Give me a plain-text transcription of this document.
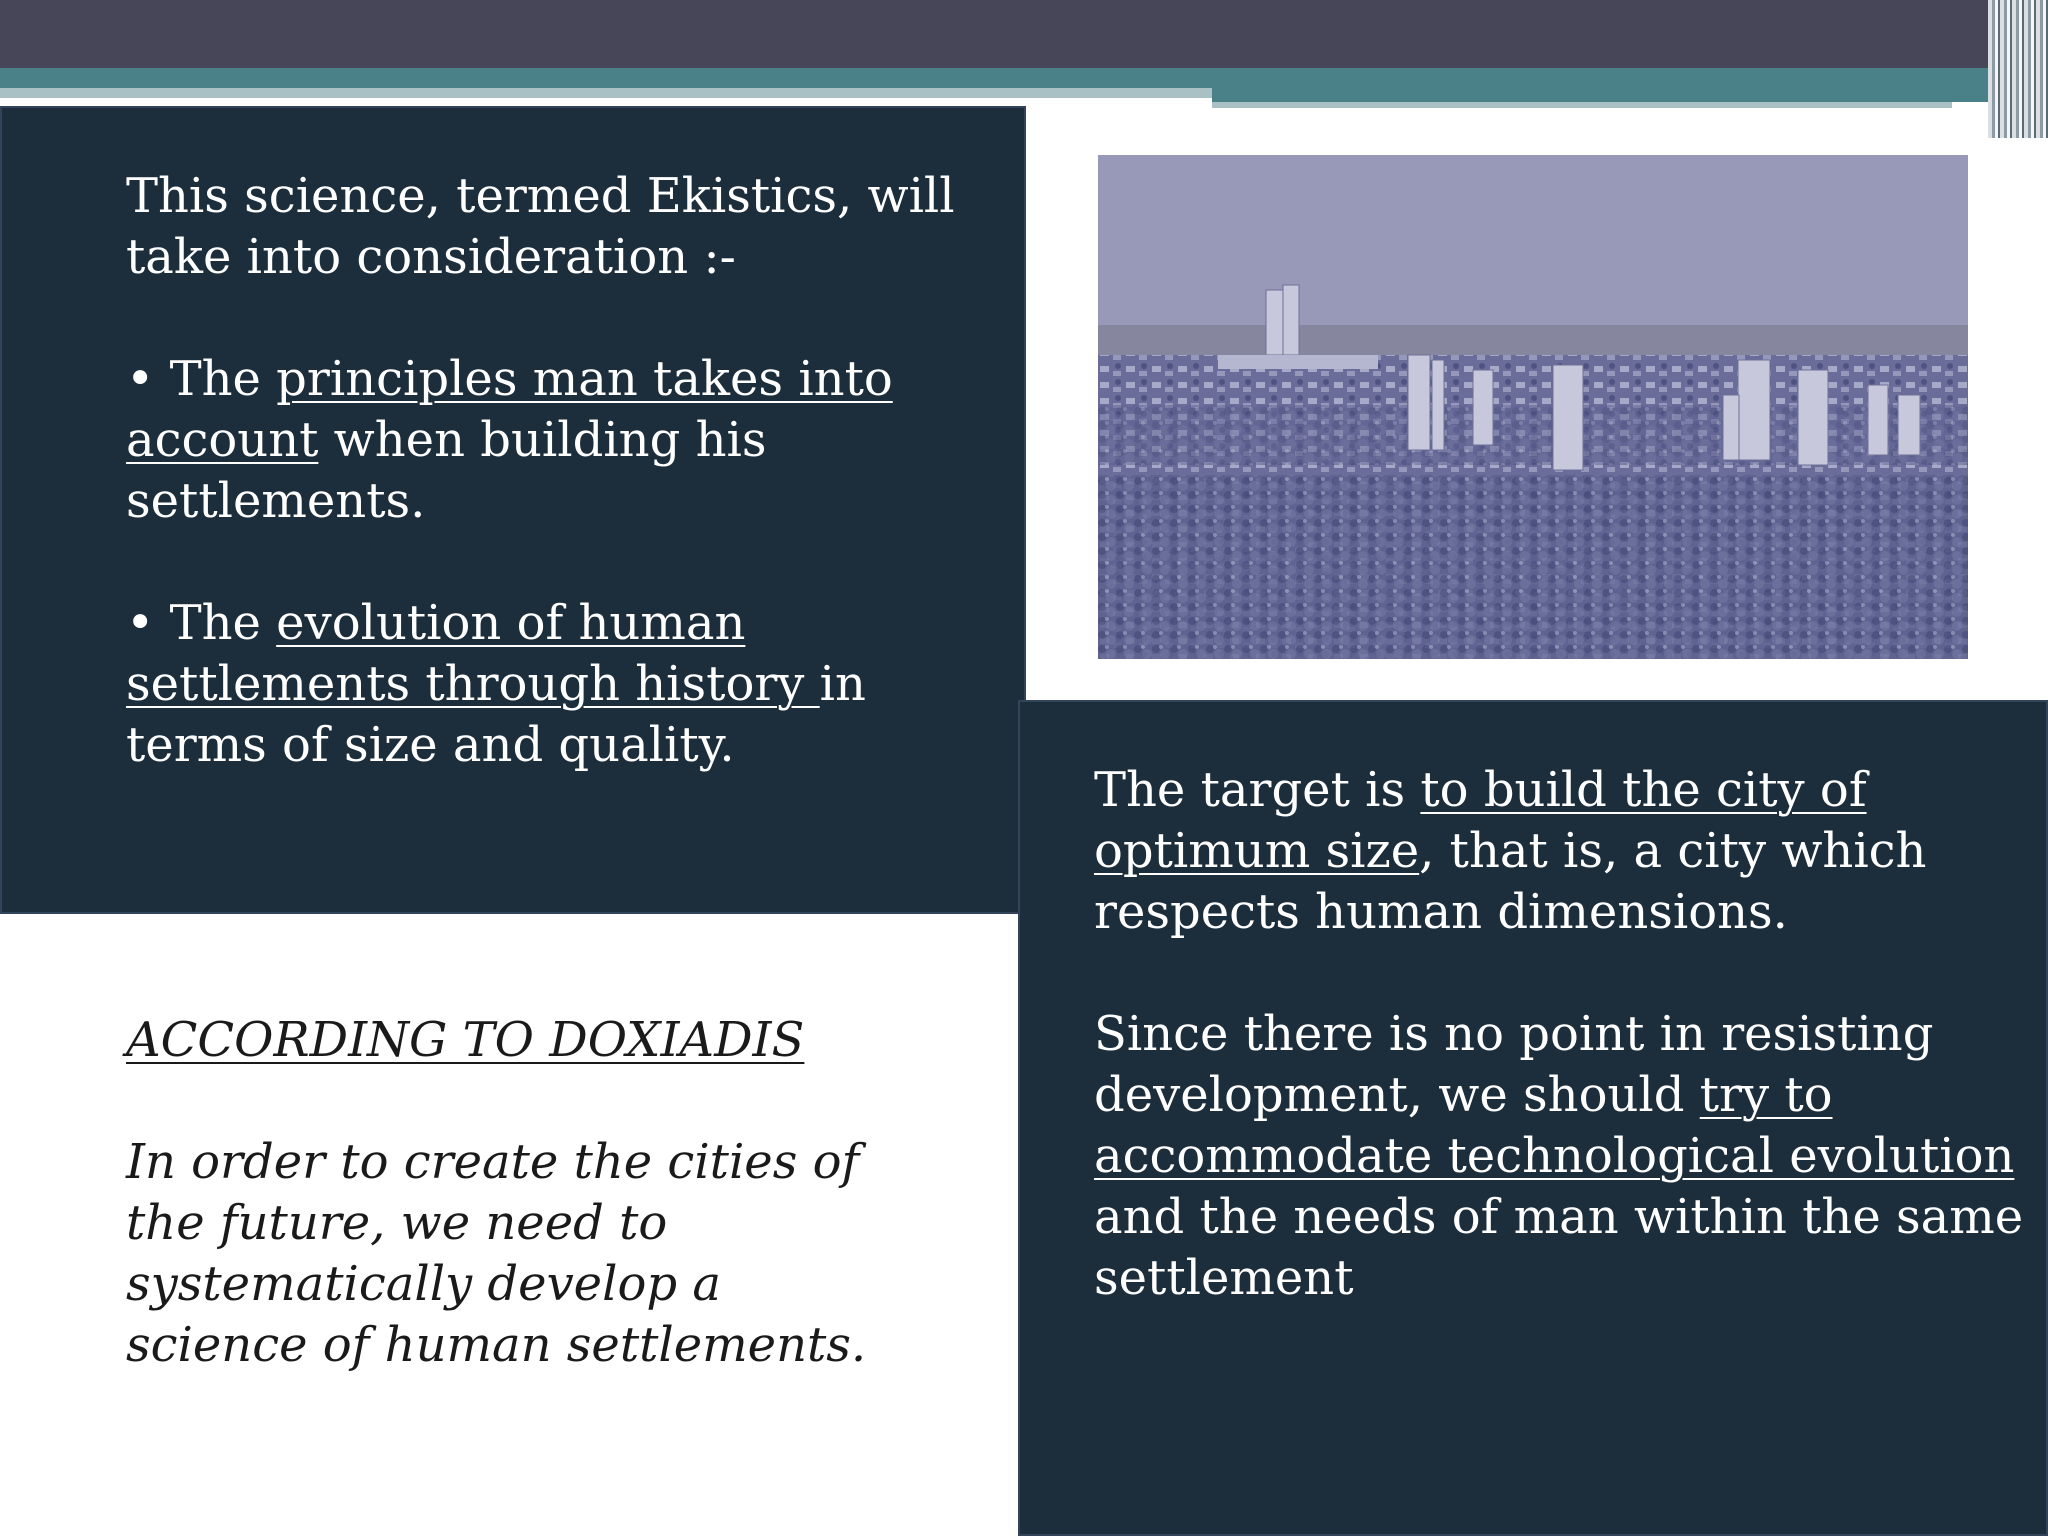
This science, termed Ekistics, will

take into consideration :-

• The principles man takes into

account when building his

settlements.

• The evolution of human

settlements through history in

terms of size and quality.

ACCORDING TO DOXIADIS

In order to create the cities of

the future, we need to

systematically develop a

science of human settlements.

The target is to build the city of

optimum size, that is, a city which

respects human dimensions.

Since there is no point in resisting

development, we should try to

accommodate technological evolution

and the needs of man within the same

settlement
